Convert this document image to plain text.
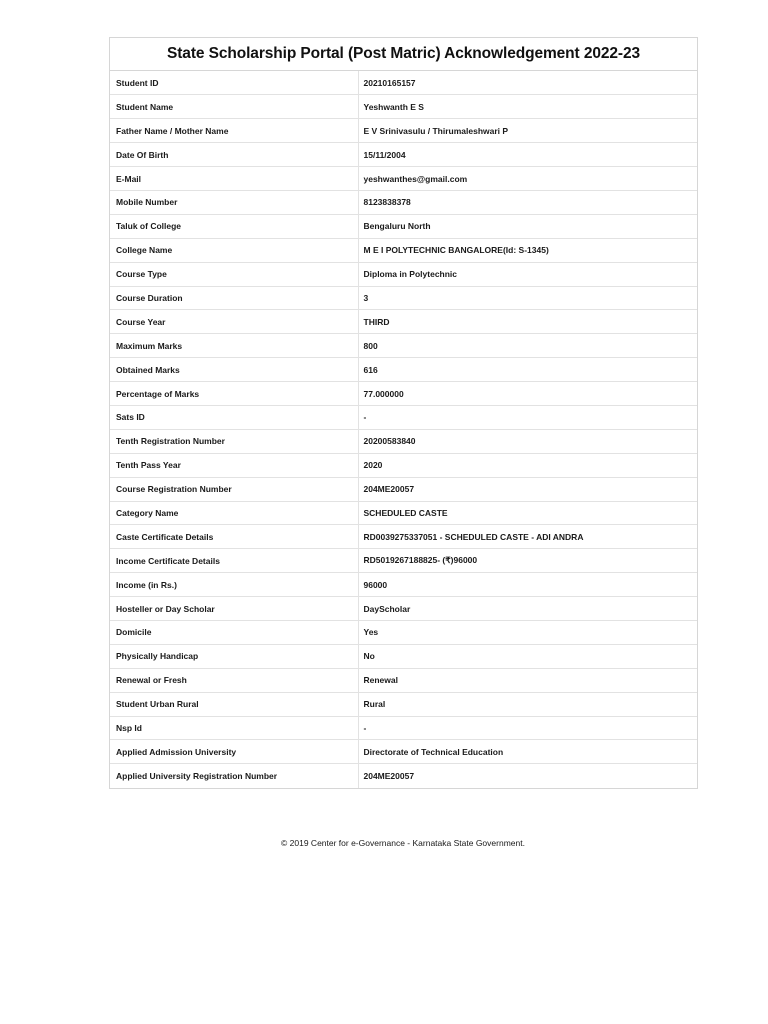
State Scholarship Portal (Post Matric) Acknowledgement 2022-23
Student ID	20210165157
Student Name	Yeshwanth E S
Father Name / Mother Name	E V Srinivasulu / Thirumaleshwari P
Date Of Birth	15/11/2004
E-Mail	yeshwanthes@gmail.com
Mobile Number	8123838378
Taluk of College	Bengaluru North
College Name	M E I POLYTECHNIC BANGALORE(Id: S-1345)
Course Type	Diploma in Polytechnic
Course Duration	3
Course Year	THIRD
Maximum Marks	800
Obtained Marks	616
Percentage of Marks	77.000000
Sats ID	-
Tenth Registration Number	20200583840
Tenth Pass Year	2020
Course Registration Number	204ME20057
Category Name	SCHEDULED CASTE
Caste Certificate Details	RD0039275337051 - SCHEDULED CASTE - ADI ANDRA
Income Certificate Details	RD5019267188825- (₹)96000
Income (in Rs.)	96000
Hosteller or Day Scholar	DayScholar
Domicile	Yes
Physically Handicap	No
Renewal or Fresh	Renewal
Student Urban Rural	Rural
Nsp Id	-
Applied Admission University	Directorate of Technical Education
Applied University Registration Number	204ME20057
© 2019 Center for e-Governance - Karnataka State Government.
